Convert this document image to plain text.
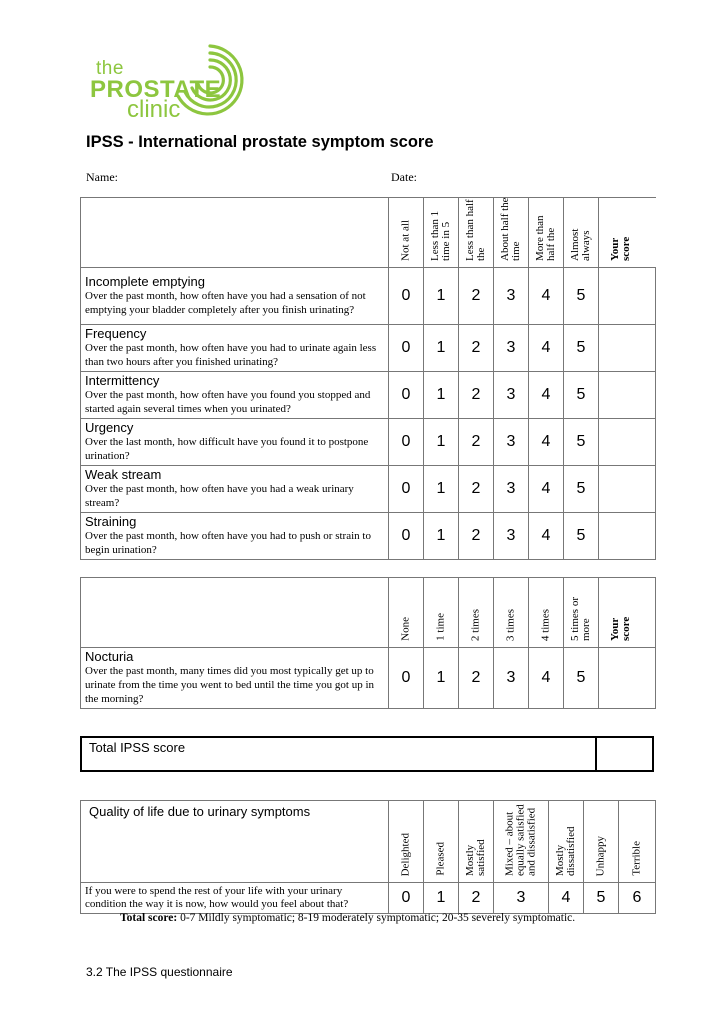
the
PROSTATE
clinic
IPSS - International prostate symptom score
Name:	Date:

	Not at all	Less than 1 time in 5	Less than half the	About half the time	More than half the	Almost always	Your score

Incomplete emptying
Over the past month, how often have you had a sensation of not emptying your bladder completely after you finish urinating?	0	1	2	3	4	5	

Frequency
Over the past month, how often have you had to urinate again less than two hours after you finished urinating?	0	1	2	3	4	5	

Intermittency
Over the past month, how often have you found you stopped and started again several times when you urinated?	0	1	2	3	4	5	

Urgency
Over the last month, how difficult have you found it to postpone urination?	0	1	2	3	4	5	

Weak stream
Over the past month, how often have you had a weak urinary stream?	0	1	2	3	4	5	

Straining
Over the past month, how often have you had to push or strain to begin urination?	0	1	2	3	4	5	

	None	1 time	2 times	3 times	4 times	5 times or more	Your score

Nocturia
Over the past month, many times did you most typically get up to urinate from the time you went to bed until the time you got up in the morning?	0	1	2	3	4	5	
Total IPSS score
Quality of life due to urinary symptoms	Delighted	Pleased	Mostly satisfied	Mixed – about equally satisfied and dissatisfied	Mostly dissatisfied	Unhappy	Terrible

If you were to spend the rest of your life with your urinary condition the way it is now, how would you feel about that?	0	1	2	3	4	5	6
Total score: 0-7 Mildly symptomatic; 8-19 moderately symptomatic; 20-35 severely symptomatic.
3.2 The IPSS questionnaire
